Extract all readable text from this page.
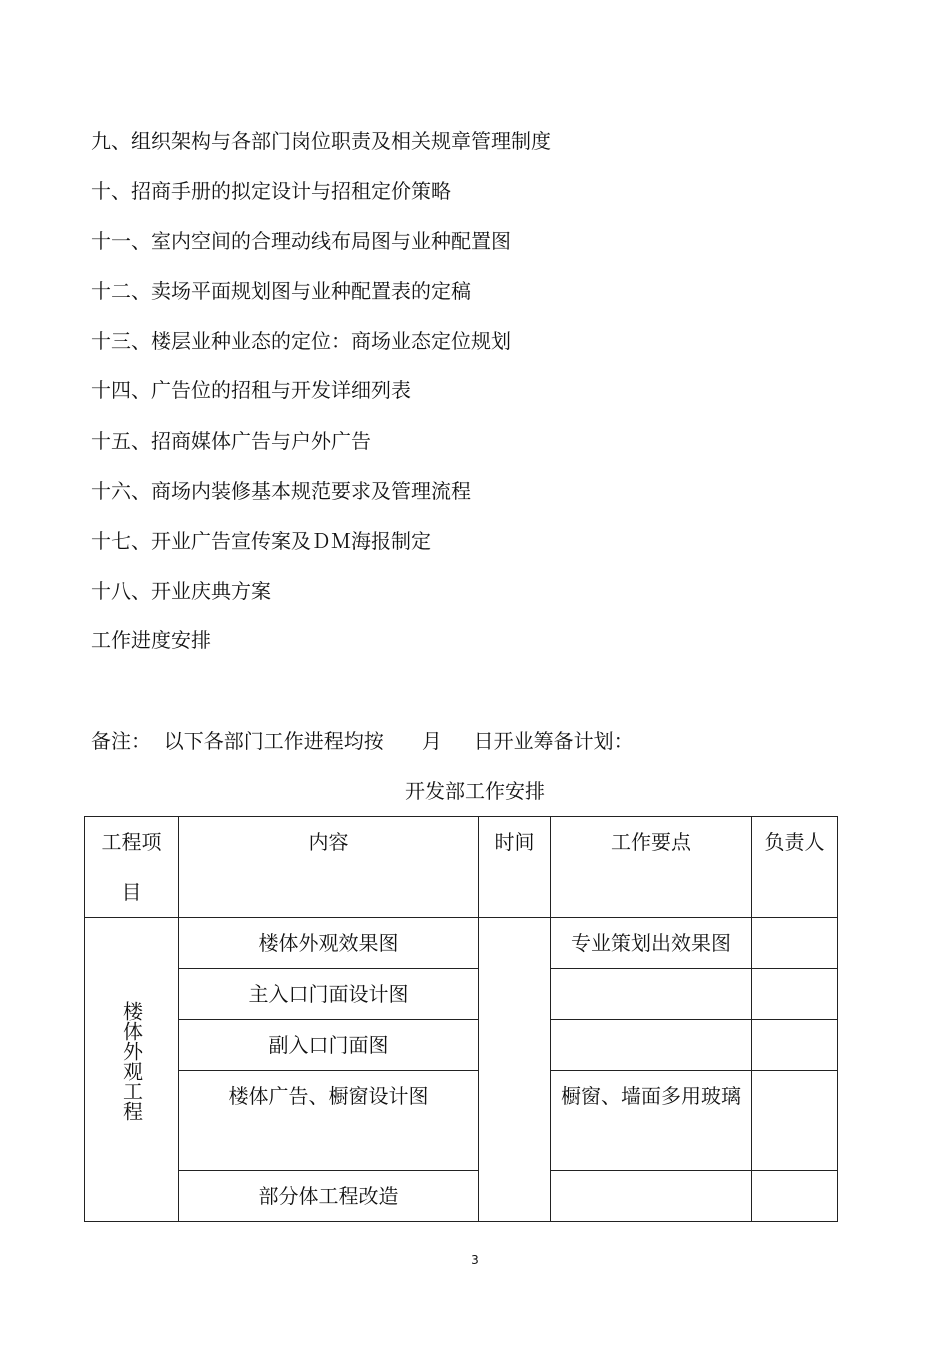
九、组织架构与各部门岗位职责及相关规章管理制度
十、招商手册的拟定设计与招租定价策略
十一、室内空间的合理动线布局图与业种配置图
十二、卖场平面规划图与业种配置表的定稿
十三、楼层业种业态的定位：商场业态定位规划
十四、广告位的招租与开发详细列表
十五、招商媒体广告与户外广告
十六、商场内装修基本规范要求及管理流程
十七、开业广告宣传案及ＤＭ海报制定
十八、开业庆典方案
工作进度安排
备注：  以下各部门工作进程均按      月     日开业筹备计划：
开发部工作安排
工程项目	内容	时间	工作要点	负责人
楼体外观工程	楼体外观效果图		专业策划出效果图	
	主入口门面设计图			
	副入口门面图			
	楼体广告、橱窗设计图		橱窗、墙面多用玻璃	
	部分体工程改造			
3
